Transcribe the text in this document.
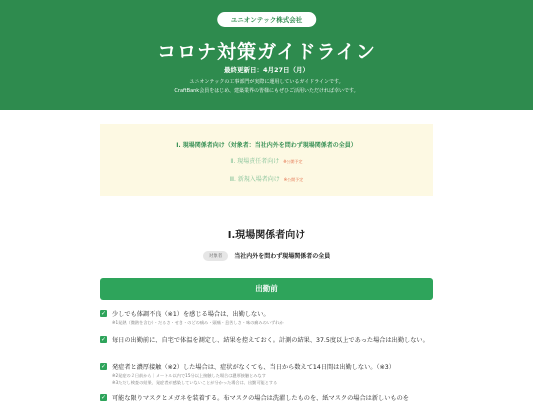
ユニオンテック株式会社
コロナ対策ガイドライン
最終更新日：4月27日（月）
ユニオンテックの工事部門が実際に運用しているガイドラインです。
CraftBank会員をはじめ、建築業界の皆様にもぜひご活用いただければ幸いです。
Ⅰ. 現場関係者向け（対象者：当社内外を問わず現場関係者の全員）
Ⅱ. 現場責任者向け ※公開予定
Ⅲ. 新規入場者向け ※公開予定
Ⅰ.現場関係者向け
対象者 当社内外を問わず現場関係者の全員
出勤前
✓ 少しでも体調不良（※1）を感じる場合は、出勤しない。
※1発熱（微熱を含む）・だるさ・せき・のどの痛み・頭痛・息苦しさ・味の痛みのいずれか
✓ 毎日の出勤前に、自宅で体温を測定し、結果を控えておく。計測の結果、37.5度以上であった場合は出勤しない。
✓ 発症者と濃厚接触（※2）した場合は、症状がなくても、当日から数えて14日間は出勤しない。（※3）
※2発症の２日前から｜メートル以内で15分以上接触した場合は濃厚接触とみなす
※3ただし検査の結果、発症者が感染していないことが分かった場合は、出勤可能とする
✓ 可能な限りマスクとメガネを装着する。布マスクの場合は洗濯したものを、紙マスクの場合は新しいものを
